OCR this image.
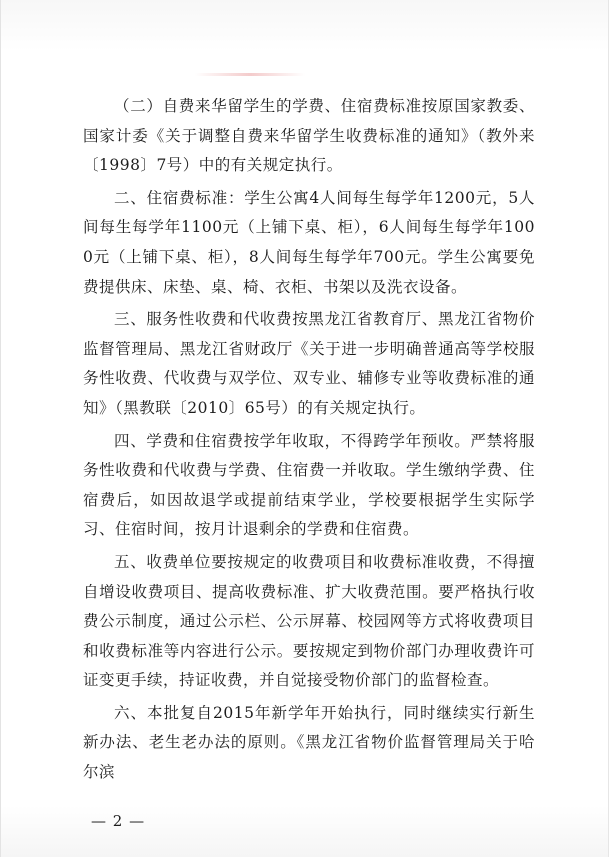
（二）自费来华留学生的学费、住宿费标准按原国家教委、国家计委《关于调整自费来华留学生收费标准的通知》（教外来〔1998〕7号）中的有关规定执行。

二、住宿费标准：学生公寓4人间每生每学年1200元，5人间每生每学年1100元（上铺下桌、柜），6人间每生每学年1000元（上铺下桌、柜），8人间每生每学年700元。学生公寓要免费提供床、床垫、桌、椅、衣柜、书架以及洗衣设备。

三、服务性收费和代收费按黑龙江省教育厅、黑龙江省物价监督管理局、黑龙江省财政厅《关于进一步明确普通高等学校服务性收费、代收费与双学位、双专业、辅修专业等收费标准的通知》（黑教联〔2010〕65号）的有关规定执行。

四、学费和住宿费按学年收取，不得跨学年预收。严禁将服务性收费和代收费与学费、住宿费一并收取。学生缴纳学费、住宿费后，如因故退学或提前结束学业，学校要根据学生实际学习、住宿时间，按月计退剩余的学费和住宿费。

五、收费单位要按规定的收费项目和收费标准收费，不得擅自增设收费项目、提高收费标准、扩大收费范围。要严格执行收费公示制度，通过公示栏、公示屏幕、校园网等方式将收费项目和收费标准等内容进行公示。要按规定到物价部门办理收费许可证变更手续，持证收费，并自觉接受物价部门的监督检查。

六、本批复自2015年新学年开始执行，同时继续实行新生新办法、老生老办法的原则。《黑龙江省物价监督管理局关于哈尔滨

— 2 —
